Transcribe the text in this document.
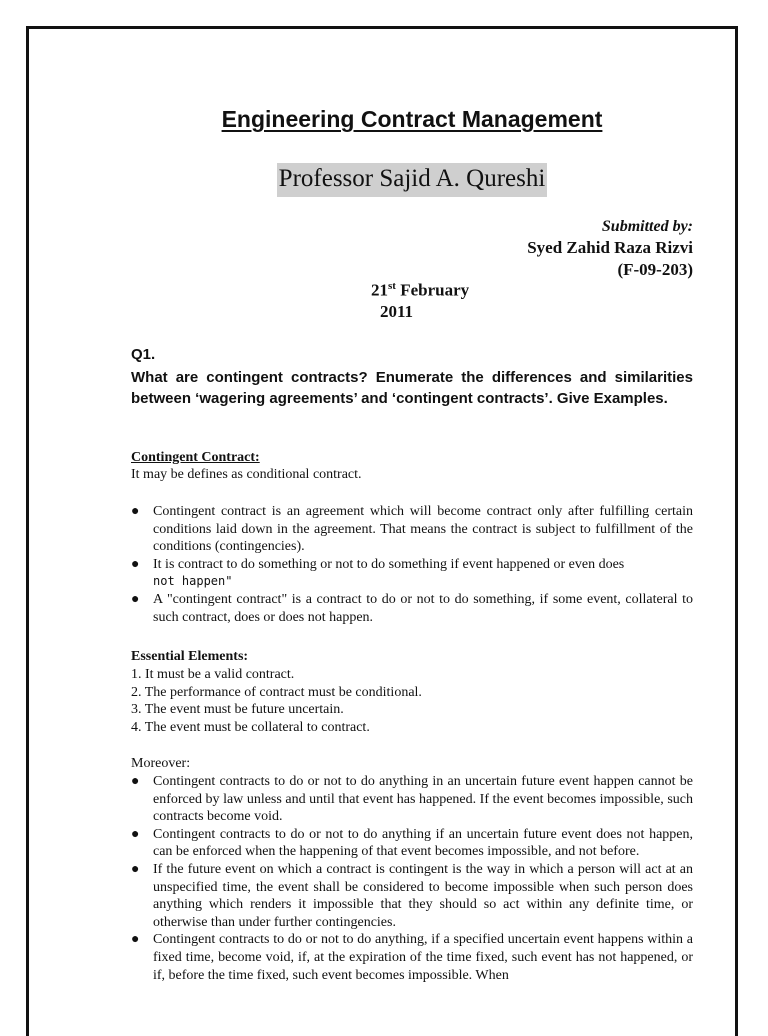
Engineering Contract Management
Professor Sajid A. Qureshi
Submitted by:
Syed Zahid Raza Rizvi
(F-09-203)
21st February
2011
Q1.
What are contingent contracts? Enumerate the differences and similarities between ‘wagering agreements’ and ‘contingent contracts’. Give Examples.
Contingent Contract:
It may be defines as conditional contract.
● Contingent contract is an agreement which will become contract only after fulfilling certain conditions laid down in the agreement. That means the contract is subject to fulfillment of the conditions (contingencies).
● It is contract to do something or not to do something if event happened or even does
not happen"
● A "contingent contract" is a contract to do or not to do something, if some event, collateral to such contract, does or does not happen.
Essential Elements:
1. It must be a valid contract.
2. The performance of contract must be conditional.
3. The event must be future uncertain.
4. The event must be collateral to contract.
Moreover:
● Contingent contracts to do or not to do anything in an uncertain future event happen cannot be enforced by law unless and until that event has happened. If the event becomes impossible, such contracts become void.
● Contingent contracts to do or not to do anything if an uncertain future event does not happen, can be enforced when the happening of that event becomes impossible, and not before.
● If the future event on which a contract is contingent is the way in which a person will act at an unspecified time, the event shall be considered to become impossible when such person does anything which renders it impossible that they should so act within any definite time, or otherwise than under further contingencies.
● Contingent contracts to do or not to do anything, if a specified uncertain event happens within a fixed time, become void, if, at the expiration of the time fixed, such event has not happened, or if, before the time fixed, such event becomes impossible. When
